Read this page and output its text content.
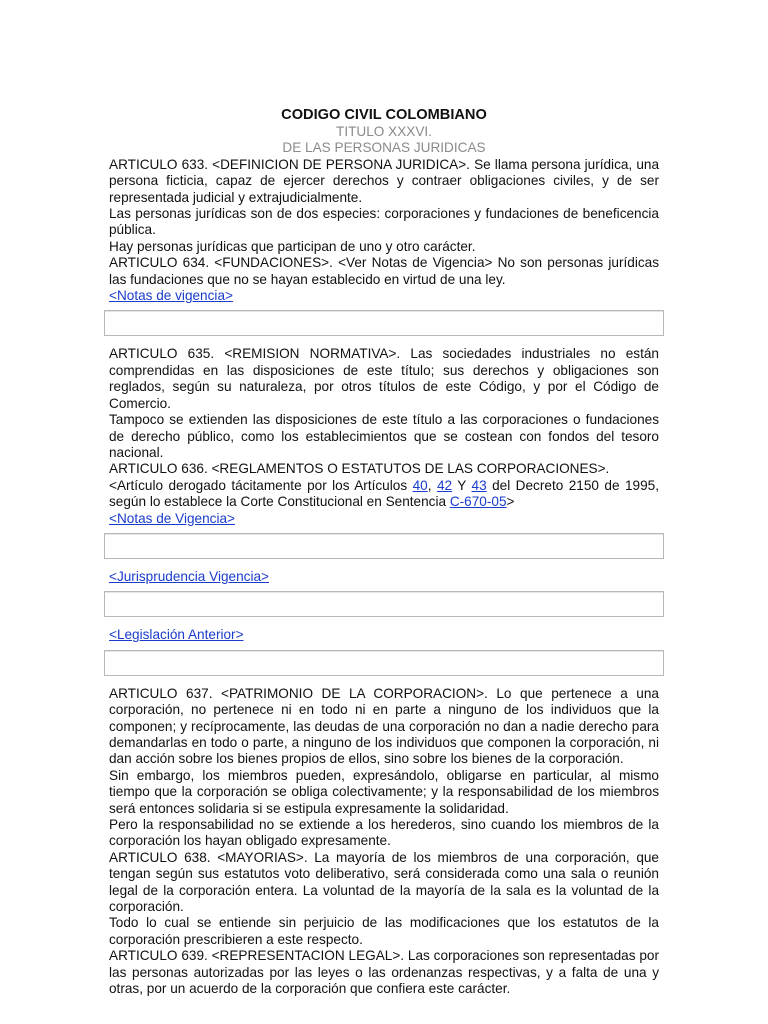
CODIGO CIVIL COLOMBIANO
TITULO XXXVI.
DE LAS PERSONAS JURIDICAS

ARTICULO 633. <DEFINICION DE PERSONA JURIDICA>. Se llama persona jurídica, una persona ficticia, capaz de ejercer derechos y contraer obligaciones civiles, y de ser representada judicial y extrajudicialmente.

Las personas jurídicas son de dos especies: corporaciones y fundaciones de beneficencia pública.

Hay personas jurídicas que participan de uno y otro carácter.

ARTICULO 634. <FUNDACIONES>. <Ver Notas de Vigencia> No son personas jurídicas las fundaciones que no se hayan establecido en virtud de una ley.

<Notas de vigencia>

ARTICULO 635. <REMISION NORMATIVA>. Las sociedades industriales no están comprendidas en las disposiciones de este título; sus derechos y obligaciones son reglados, según su naturaleza, por otros títulos de este Código, y por el Código de Comercio.

Tampoco se extienden las disposiciones de este título a las corporaciones o fundaciones de derecho público, como los establecimientos que se costean con fondos del tesoro nacional.

ARTICULO 636. <REGLAMENTOS O ESTATUTOS DE LAS CORPORACIONES>.

<Artículo derogado tácitamente por los Artículos 40, 42 Y 43 del Decreto 2150 de 1995, según lo establece la Corte Constitucional en Sentencia C-670-05>

<Notas de Vigencia>
<Jurisprudencia Vigencia>
<Legislación Anterior>

ARTICULO 637. <PATRIMONIO DE LA CORPORACION>. Lo que pertenece a una corporación, no pertenece ni en todo ni en parte a ninguno de los individuos que la componen; y recíprocamente, las deudas de una corporación no dan a nadie derecho para demandarlas en todo o parte, a ninguno de los individuos que componen la corporación, ni dan acción sobre los bienes propios de ellos, sino sobre los bienes de la corporación.

Sin embargo, los miembros pueden, expresándolo, obligarse en particular, al mismo tiempo que la corporación se obliga colectivamente; y la responsabilidad de los miembros será entonces solidaria si se estipula expresamente la solidaridad.

Pero la responsabilidad no se extiende a los herederos, sino cuando los miembros de la corporación los hayan obligado expresamente.

ARTICULO 638. <MAYORIAS>. La mayoría de los miembros de una corporación, que tengan según sus estatutos voto deliberativo, será considerada como una sala o reunión legal de la corporación entera. La voluntad de la mayoría de la sala es la voluntad de la corporación.

Todo lo cual se entiende sin perjuicio de las modificaciones que los estatutos de la corporación prescribieren a este respecto.

ARTICULO 639. <REPRESENTACION LEGAL>. Las corporaciones son representadas por las personas autorizadas por las leyes o las ordenanzas respectivas, y a falta de una y otras, por un acuerdo de la corporación que confiera este carácter.
